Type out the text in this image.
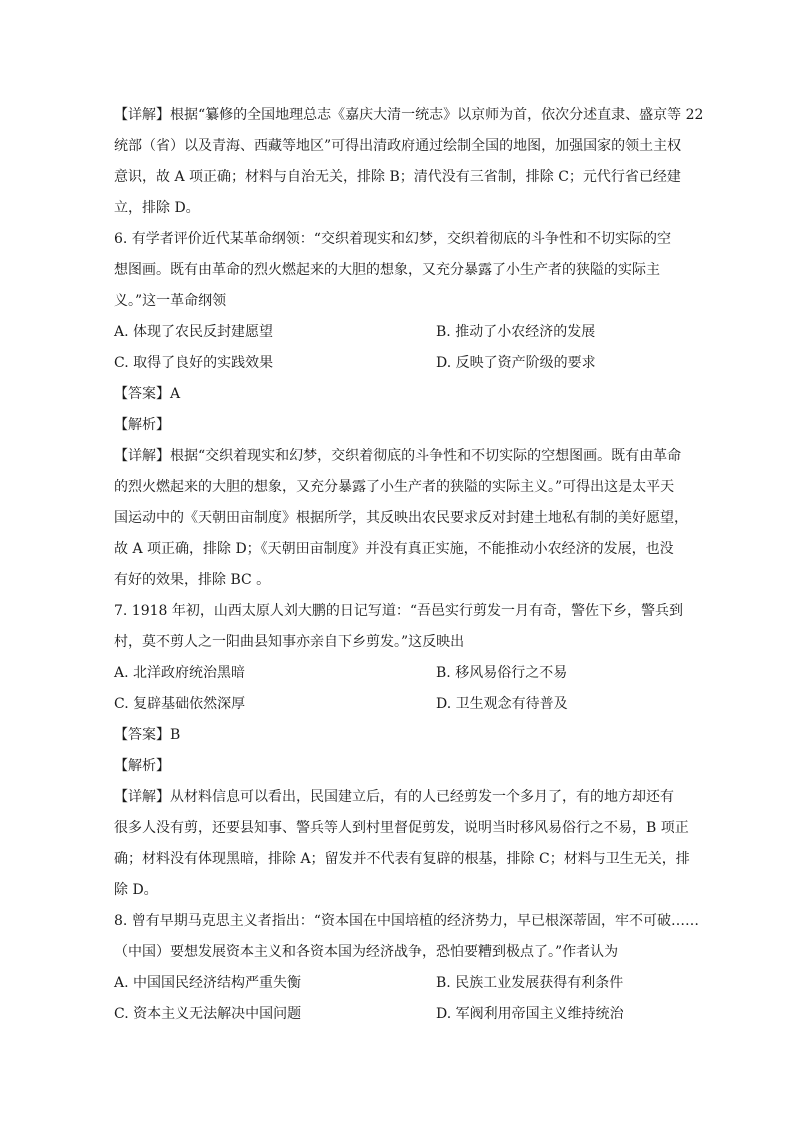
【详解】根据“纂修的全国地理总志《嘉庆大清一统志》以京师为首，依次分述直隶、盛京等 22
统部（省）以及青海、西藏等地区”可得出清政府通过绘制全国的地图，加强国家的领土主权
意识，故 A 项正确；材料与自治无关，排除 B；清代没有三省制，排除 C；元代行省已经建
立，排除 D。
6. 有学者评价近代某革命纲领：“交织着现实和幻梦，交织着彻底的斗争性和不切实际的空
想图画。既有由革命的烈火燃起来的大胆的想象，又充分暴露了小生产者的狭隘的实际主
义。”这一革命纲领
A. 体现了农民反封建愿望	B. 推动了小农经济的发展
C. 取得了良好的实践效果	D. 反映了资产阶级的要求
【答案】A
【解析】
【详解】根据“交织着现实和幻梦，交织着彻底的斗争性和不切实际的空想图画。既有由革命
的烈火燃起来的大胆的想象，又充分暴露了小生产者的狭隘的实际主义。”可得出这是太平天
国运动中的《天朝田亩制度》根据所学，其反映出农民要求反对封建土地私有制的美好愿望，
故 A 项正确，排除 D；《天朝田亩制度》并没有真正实施，不能推动小农经济的发展，也没
有好的效果，排除 BC 。
7. 1918 年初，山西太原人刘大鹏的日记写道：“吾邑实行剪发一月有奇，警佐下乡，警兵到
村，莫不剪人之一阳曲县知事亦亲自下乡剪发。”这反映出
A. 北洋政府统治黑暗	B. 移风易俗行之不易
C. 复辟基础依然深厚	D. 卫生观念有待普及
【答案】B
【解析】
【详解】从材料信息可以看出，民国建立后，有的人已经剪发一个多月了，有的地方却还有
很多人没有剪，还要县知事、警兵等人到村里督促剪发，说明当时移风易俗行之不易，B 项正
确；材料没有体现黑暗，排除 A；留发并不代表有复辟的根基，排除 C；材料与卫生无关，排
除 D。
8. 曾有早期马克思主义者指出：“资本国在中国培植的经济势力，早已根深蒂固，牢不可破……
（中国）要想发展资本主义和各资本国为经济战争，恐怕要糟到极点了。”作者认为
A. 中国国民经济结构严重失衡	B. 民族工业发展获得有利条件
C. 资本主义无法解决中国问题	D. 军阀利用帝国主义维持统治
